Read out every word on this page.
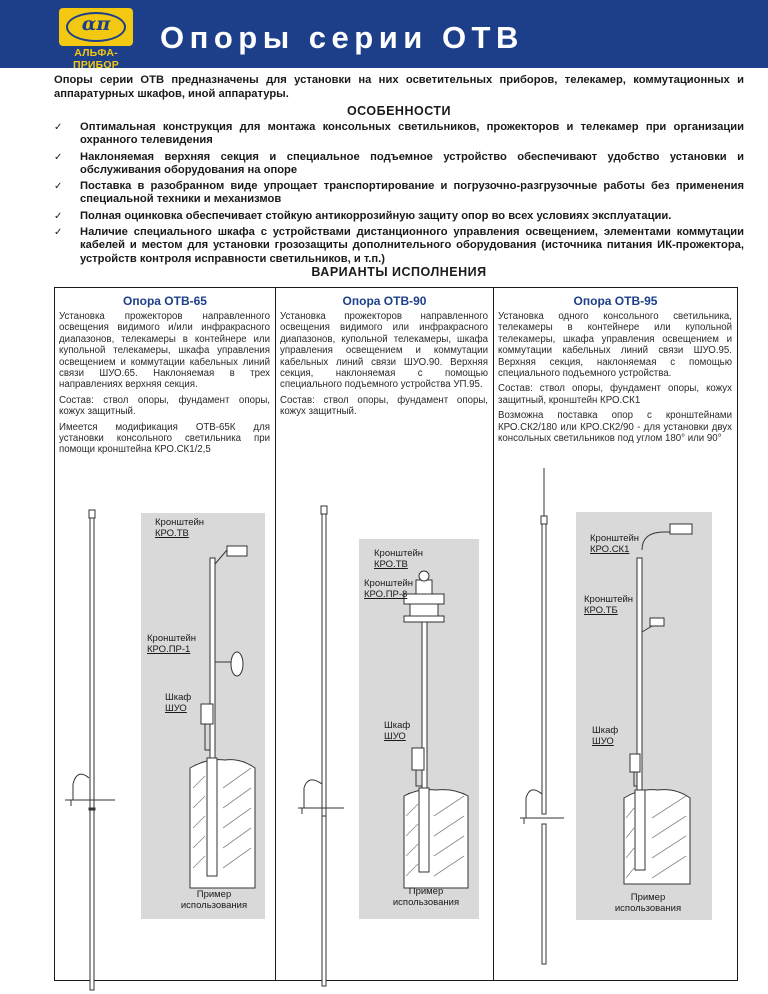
απ
АЛЬФА-ПРИБОР
Опоры серии ОТВ
Опоры серии ОТВ предназначены для установки на них осветительных приборов, телекамер, коммутационных и аппаратурных шкафов, иной аппаратуры.
ОСОБЕННОСТИ
✓ Оптимальная конструкция для монтажа консольных светильников, прожекторов и телекамер при организации охранного телевидения
✓ Наклоняемая верхняя секция и специальное подъемное устройство обеспечивают удобство установки и обслуживания оборудования на опоре
✓ Поставка в разобранном виде упрощает транспортирование и погрузочно-разгрузочные работы без применения специальной техники и механизмов
✓ Полная оцинковка обеспечивает стойкую антикоррозийную защиту опор во всех условиях эксплуатации.
✓ Наличие специального шкафа с устройствами дистанционного управления освещением, элементами коммутации кабелей и местом для установки грозозащиты дополнительного оборудования (источника питания ИК-прожектора, устройств контроля исправности светильников, и т.п.)
ВАРИАНТЫ ИСПОЛНЕНИЯ
Опора ОТВ-65

Установка прожекторов направленного освещения видимого и/или инфракрасного диапазонов, телекамеры в контейнере или купольной телекамеры, шкафа управления освещением и коммутации кабельных линий связи ШУО.65. Наклоняемая в трех направлениях верхняя секция.

Состав: ствол опоры, фундамент опоры, кожух защитный.

Имеется модификация ОТВ-65К для установки консольного светильника при помощи кронштейна КРО.СК1/2,5

Кронштейн
КРО.ТВ
Кронштейн
КРО.ПР-1
Шкаф
ШУО
Пример
использования
Опора ОТВ-90

Установка прожекторов направленного освещения видимого или инфракрасного диапазонов, купольной телекамеры, шкафа управления освещением и коммутации кабельных линий связи ШУО.90. Верхняя секция, наклоняемая с помощью специального подъемного устройства УП.95.

Состав: ствол опоры, фундамент опоры, кожух защитный.

Кронштейн
КРО.ТВ
Кронштейн
КРО.ПР-8
Шкаф
ШУО
Пример
использования
Опора ОТВ-95

Установка одного консольного светильника, телекамеры в контейнере или купольной телекамеры, шкафа управления освещением и коммутации кабельных линий связи ШУО.95. Верхняя секция, наклоняемая с помощью специального подъемного устройства.

Состав: ствол опоры, фундамент опоры, кожух защитный, кронштейн КРО.СК1

Возможна поставка опор с кронштейнами КРО.СК2/180 или КРО.СК2/90 - для установки двух консольных светильников под углом 180° или 90°

Кронштейн
КРО.СК1
Кронштейн
КРО.ТБ
Шкаф
ШУО
Пример
использования
